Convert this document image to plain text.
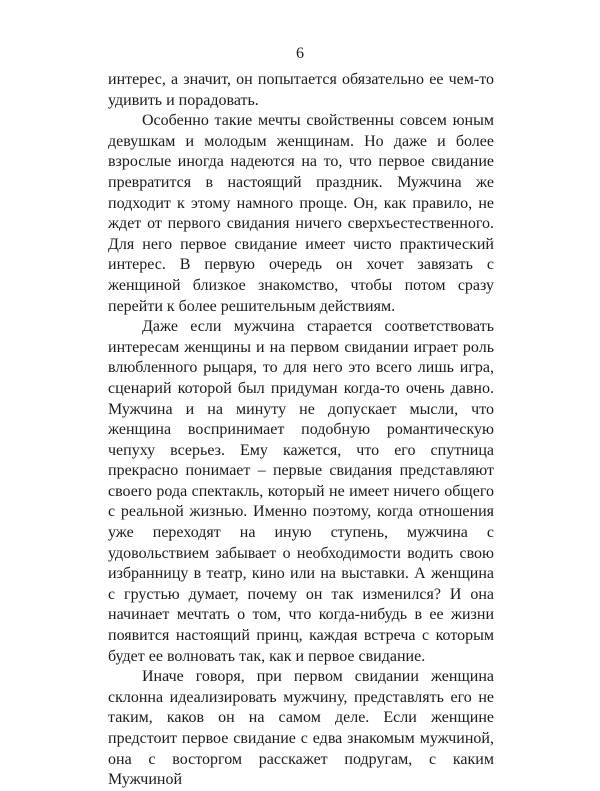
6

интерес, а значит, он попытается обязательно ее чем-то удивить и порадовать.

Особенно такие мечты свойственны совсем юным девушкам и молодым женщинам. Но даже и более взрослые иногда надеются на то, что первое свидание превратится в настоящий праздник. Мужчина же подходит к этому намного проще. Он, как правило, не ждет от первого свидания ничего сверхъестественного. Для него первое свидание имеет чисто практический интерес. В первую очередь он хочет завязать с женщиной близкое знакомство, чтобы потом сразу перейти к более решительным действиям.

Даже если мужчина старается соответствовать интересам женщины и на первом свидании играет роль влюбленного рыцаря, то для него это всего лишь игра, сценарий которой был придуман когда-то очень давно. Мужчина и на минуту не допускает мысли, что женщина воспринимает подобную романтическую чепуху всерьез. Ему кажется, что его спутница прекрасно понимает – первые свидания представляют своего рода спектакль, который не имеет ничего общего с реальной жизнью. Именно поэтому, когда отношения уже переходят на иную ступень, мужчина с удовольствием забывает о необходимости водить свою избранницу в театр, кино или на выставки. А женщина с грустью думает, почему он так изменился? И она начинает мечтать о том, что когда-нибудь в ее жизни появится настоящий принц, каждая встреча с которым будет ее волновать так, как и первое свидание.

Иначе говоря, при первом свидании женщина склонна идеализировать мужчину, представлять его не таким, каков он на самом деле. Если женщине предстоит первое свидание с едва знакомым мужчиной, она с восторгом расскажет подругам, с каким Мужчиной
